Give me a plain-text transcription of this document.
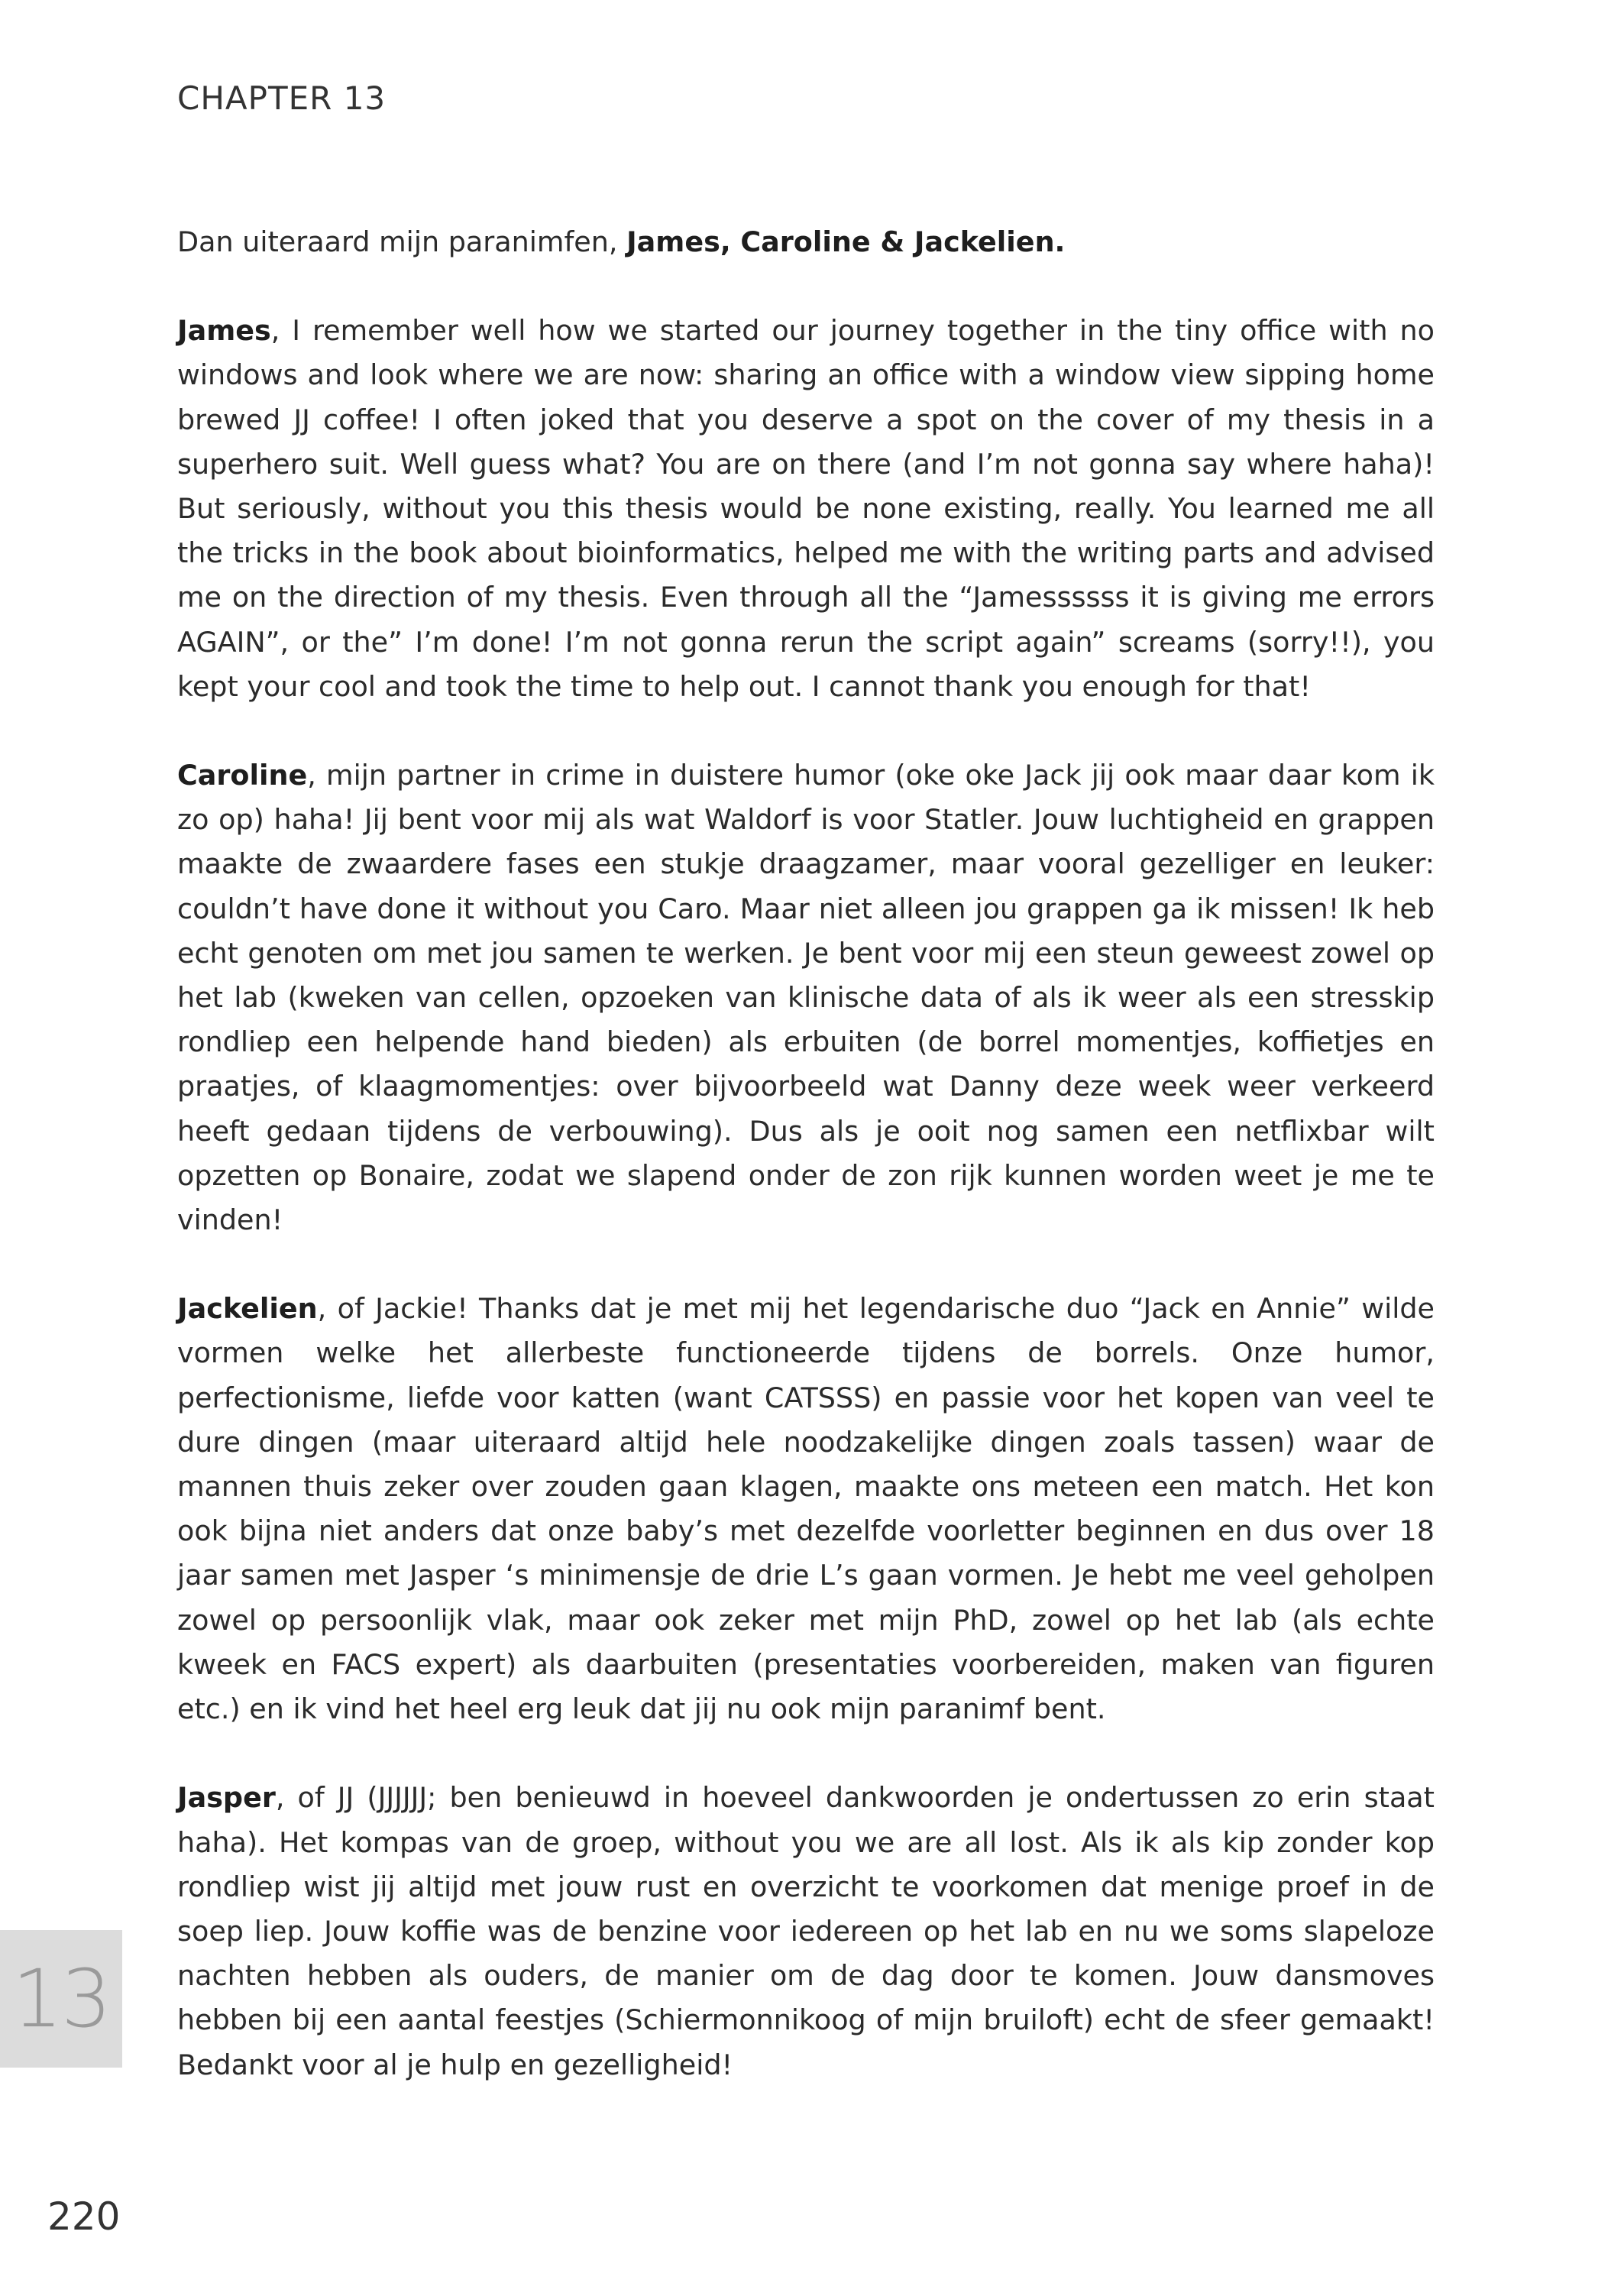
CHAPTER 13

Dan uiteraard mijn paranimfen, James, Caroline & Jackelien.

James, I remember well how we started our journey together in the tiny office with no windows and look where we are now: sharing an office with a window view sipping home brewed JJ coffee! I often joked that you deserve a spot on the cover of my thesis in a superhero suit. Well guess what? You are on there (and I’m not gonna say where haha)! But seriously, without you this thesis would be none existing, really. You learned me all the tricks in the book about bioinformatics, helped me with the writing parts and advised me on the direction of my thesis. Even through all the “Jamessssss it is giving me errors AGAIN”, or the” I’m done! I’m not gonna rerun the script again” screams (sorry!!), you kept your cool and took the time to help out. I cannot thank you enough for that!

Caroline, mijn partner in crime in duistere humor (oke oke Jack jij ook maar daar kom ik zo op) haha! Jij bent voor mij als wat Waldorf is voor Statler. Jouw luchtigheid en grappen maakte de zwaardere fases een stukje draagzamer, maar vooral gezelliger en leuker: couldn’t have done it without you Caro. Maar niet alleen jou grappen ga ik missen! Ik heb echt genoten om met jou samen te werken. Je bent voor mij een steun geweest zowel op het lab (kweken van cellen, opzoeken van klinische data of als ik weer als een stresskip rondliep een helpende hand bieden) als erbuiten (de borrel momentjes, koffietjes en praatjes, of klaagmomentjes: over bijvoorbeeld wat Danny deze week weer verkeerd heeft gedaan tijdens de verbouwing). Dus als je ooit nog samen een netflixbar wilt opzetten op Bonaire, zodat we slapend onder de zon rijk kunnen worden weet je me te vinden!

Jackelien, of Jackie! Thanks dat je met mij het legendarische duo “Jack en Annie” wilde vormen welke het allerbeste functioneerde tijdens de borrels. Onze humor, perfectionisme, liefde voor katten (want CATSSS) en passie voor het kopen van veel te dure dingen (maar uiteraard altijd hele noodzakelijke dingen zoals tassen) waar de mannen thuis zeker over zouden gaan klagen, maakte ons meteen een match. Het kon ook bijna niet anders dat onze baby’s met dezelfde voorletter beginnen en dus over 18 jaar samen met Jasper ‘s minimensje de drie L’s gaan vormen. Je hebt me veel geholpen zowel op persoonlijk vlak, maar ook zeker met mijn PhD, zowel op het lab (als echte kweek en FACS expert) als daarbuiten (presentaties voorbereiden, maken van figuren etc.) en ik vind het heel erg leuk dat jij nu ook mijn paranimf bent.

Jasper, of JJ (JJJJJJ; ben benieuwd in hoeveel dankwoorden je ondertussen zo erin staat haha). Het kompas van de groep, without you we are all lost. Als ik als kip zonder kop rondliep wist jij altijd met jouw rust en overzicht te voorkomen dat menige proef in de soep liep. Jouw koffie was de benzine voor iedereen op het lab en nu we soms slapeloze nachten hebben als ouders, de manier om de dag door te komen. Jouw dansmoves hebben bij een aantal feestjes (Schiermonnikoog of mijn bruiloft) echt de sfeer gemaakt! Bedankt voor al je hulp en gezelligheid!

13
220
